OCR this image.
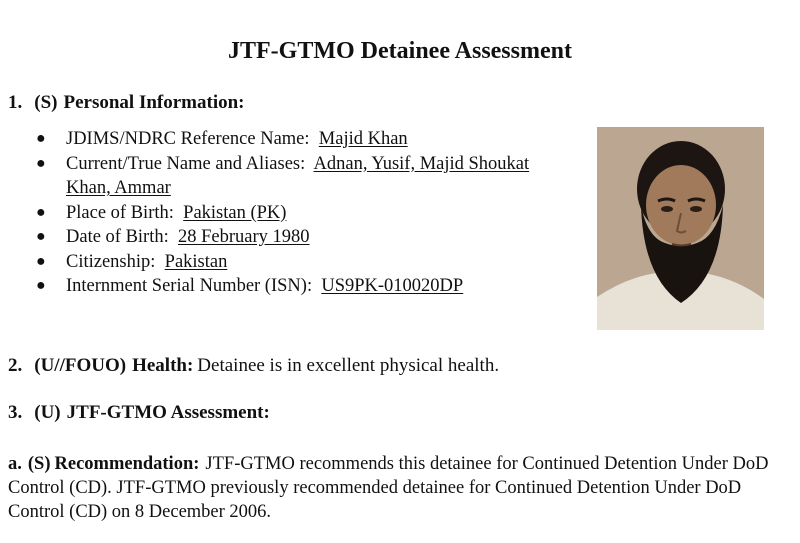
JTF-GTMO Detainee Assessment
1. (S) Personal Information:
● JDIMS/NDRC Reference Name: Majid Khan
● Current/True Name and Aliases: Adnan, Yusif, Majid Shoukat Khan, Ammar
● Place of Birth: Pakistan (PK)
● Date of Birth: 28 February 1980
● Citizenship: Pakistan
● Internment Serial Number (ISN): US9PK-010020DP
2. (U//FOUO) Health: Detainee is in excellent physical health.
3. (U) JTF-GTMO Assessment:
a. (S) Recommendation: JTF-GTMO recommends this detainee for Continued Detention Under DoD Control (CD). JTF-GTMO previously recommended detainee for Continued Detention Under DoD Control (CD) on 8 December 2006.
